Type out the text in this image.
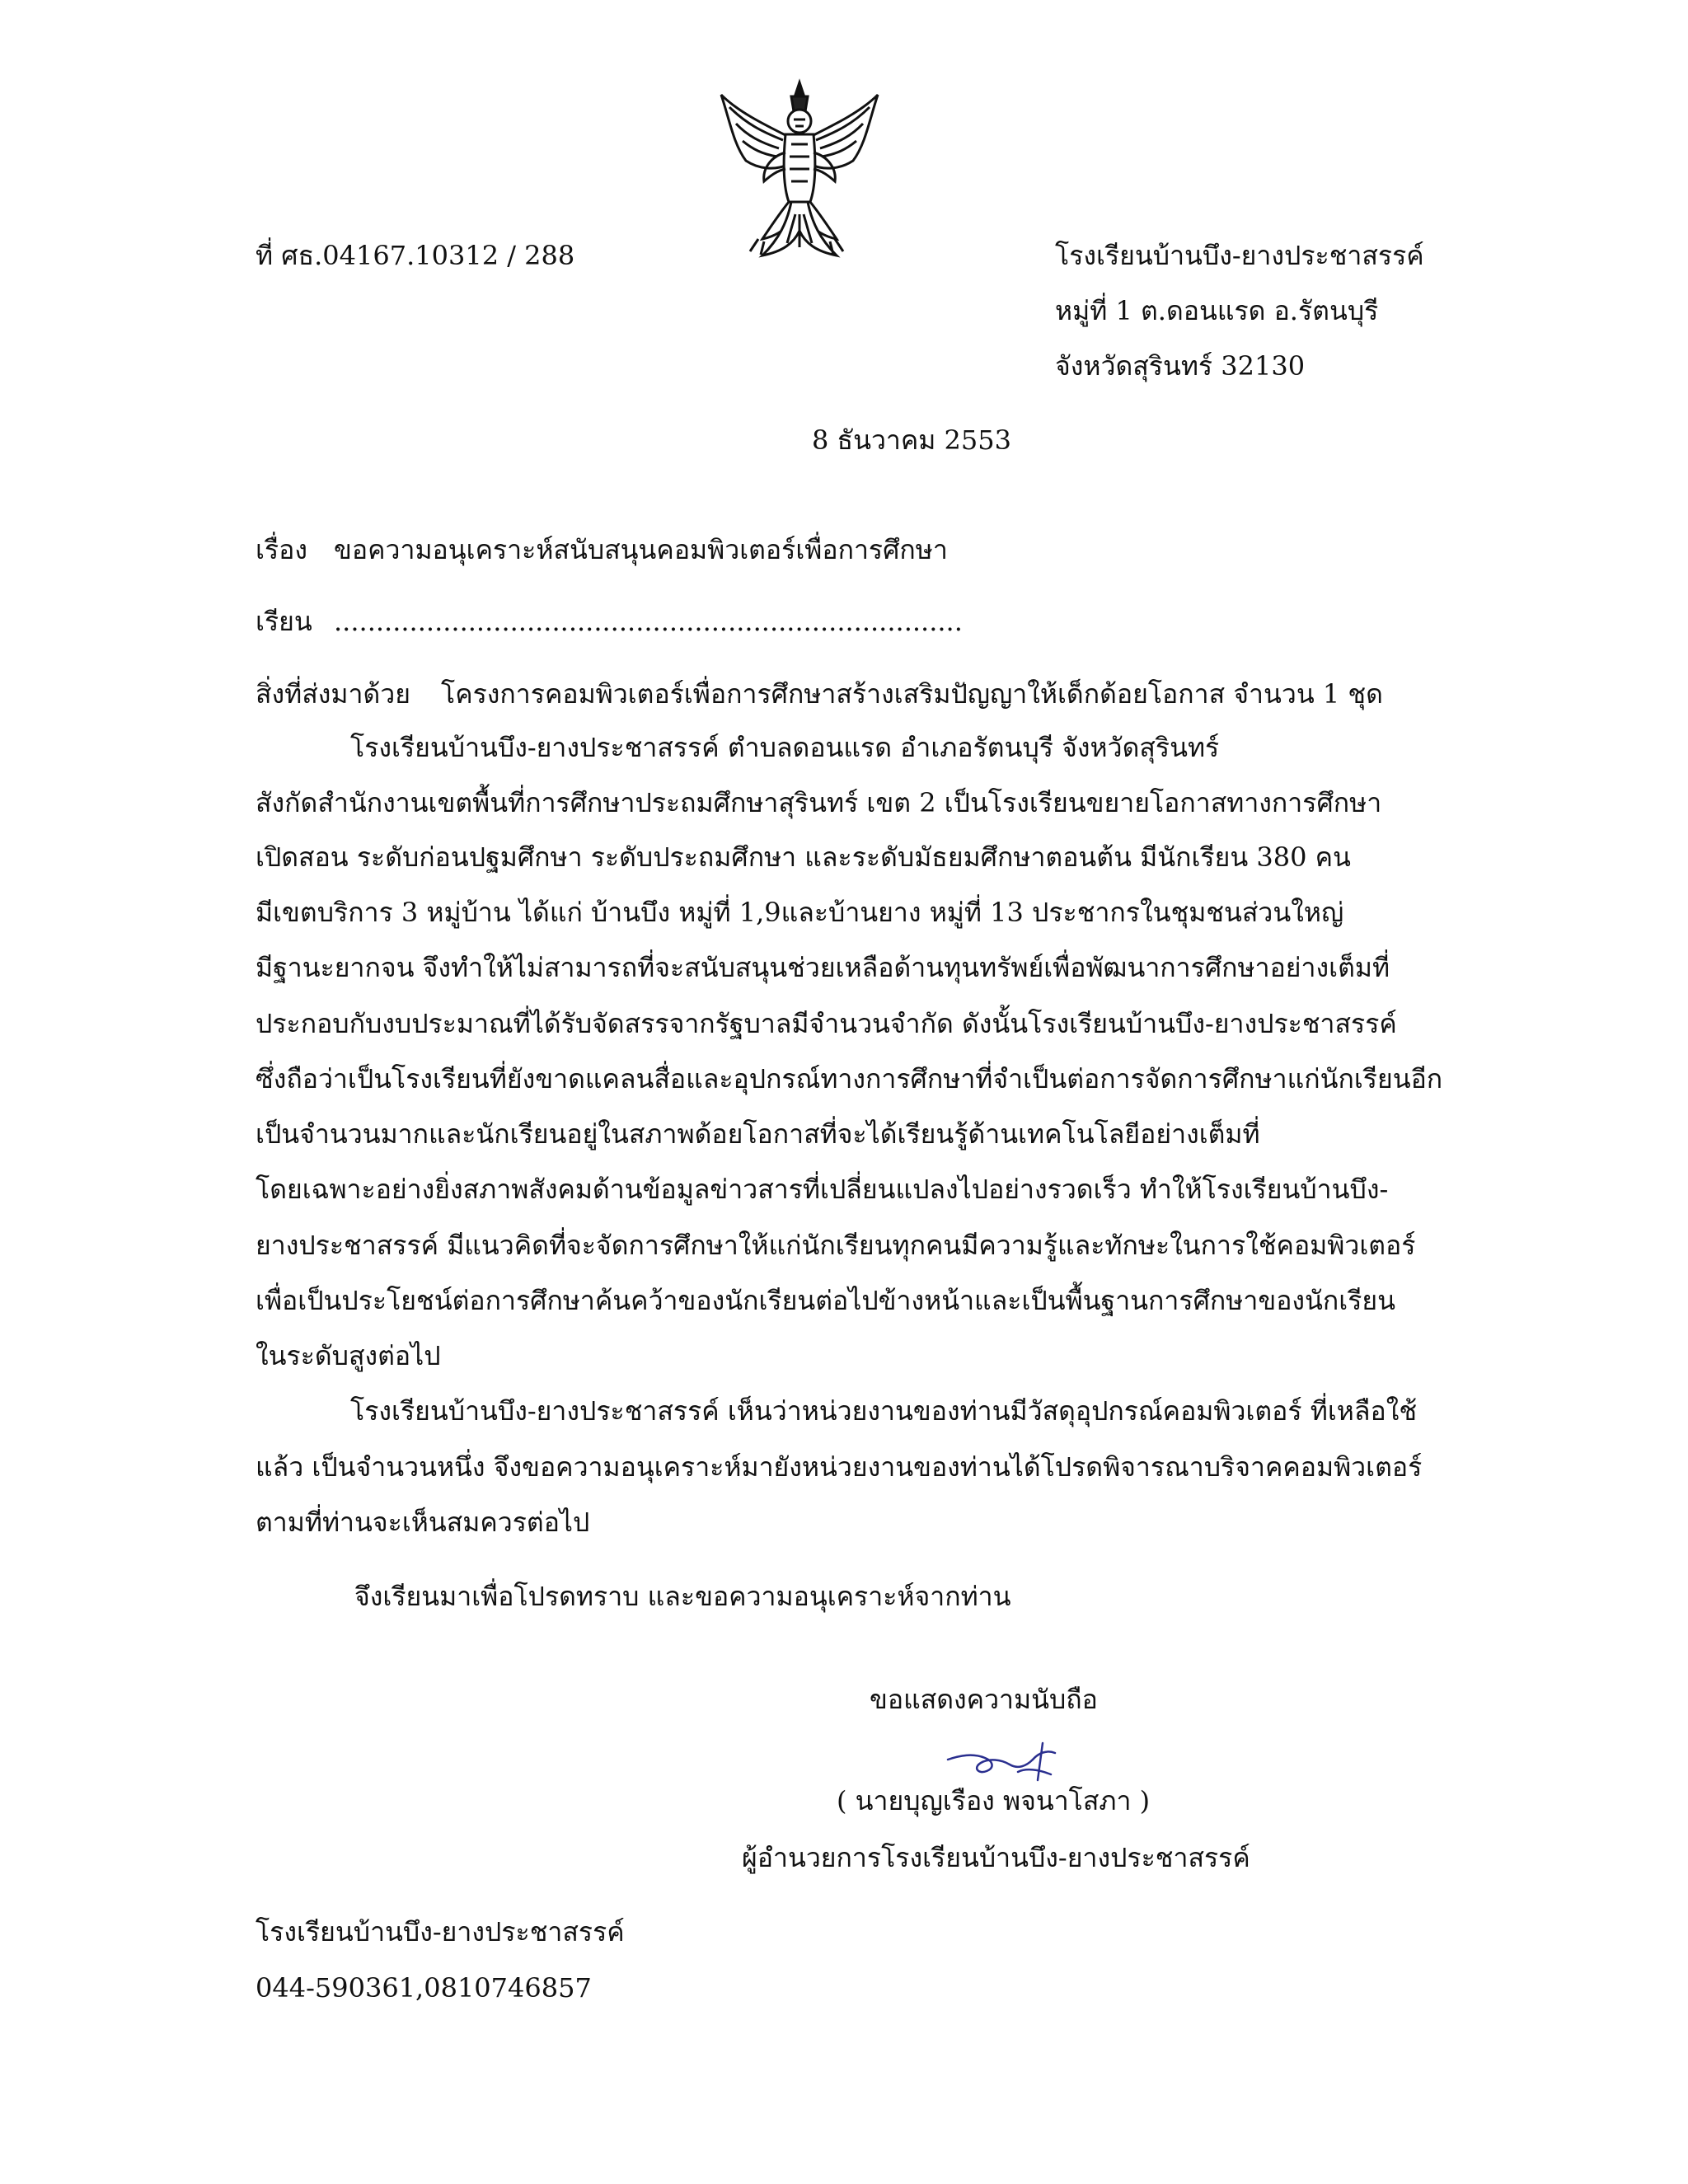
ที่ ศธ.04167.10312 / 288	โรงเรียนบ้านบึง-ยางประชาสรรค์
หมู่ที่ 1 ต.ดอนแรด อ.รัตนบุรี
จังหวัดสุรินทร์ 32130
8 ธันวาคม 2553
เรื่อง ขอความอนุเคราะห์สนับสนุนคอมพิวเตอร์เพื่อการศึกษา
เรียน ...........................................................................
สิ่งที่ส่งมาด้วย โครงการคอมพิวเตอร์เพื่อการศึกษาสร้างเสริมปัญญาให้เด็กด้อยโอกาส จำนวน 1 ชุด
โรงเรียนบ้านบึง-ยางประชาสรรค์ ตำบลดอนแรด อำเภอรัตนบุรี จังหวัดสุรินทร์
สังกัดสำนักงานเขตพื้นที่การศึกษาประถมศึกษาสุรินทร์ เขต 2 เป็นโรงเรียนขยายโอกาสทางการศึกษา
เปิดสอน ระดับก่อนปฐมศึกษา ระดับประถมศึกษา และระดับมัธยมศึกษาตอนต้น มีนักเรียน 380 คน
มีเขตบริการ 3 หมู่บ้าน ได้แก่ บ้านบึง หมู่ที่ 1,9และบ้านยาง หมู่ที่ 13 ประชากรในชุมชนส่วนใหญ่
มีฐานะยากจน จึงทำให้ไม่สามารถที่จะสนับสนุนช่วยเหลือด้านทุนทรัพย์เพื่อพัฒนาการศึกษาอย่างเต็มที่
ประกอบกับงบประมาณที่ได้รับจัดสรรจากรัฐบาลมีจำนวนจำกัด ดังนั้นโรงเรียนบ้านบึง-ยางประชาสรรค์
ซึ่งถือว่าเป็นโรงเรียนที่ยังขาดแคลนสื่อและอุปกรณ์ทางการศึกษาที่จำเป็นต่อการจัดการศึกษาแก่นักเรียนอีก
เป็นจำนวนมากและนักเรียนอยู่ในสภาพด้อยโอกาสที่จะได้เรียนรู้ด้านเทคโนโลยีอย่างเต็มที่
โดยเฉพาะอย่างยิ่งสภาพสังคมด้านข้อมูลข่าวสารที่เปลี่ยนแปลงไปอย่างรวดเร็ว ทำให้โรงเรียนบ้านบึง-
ยางประชาสรรค์ มีแนวคิดที่จะจัดการศึกษาให้แก่นักเรียนทุกคนมีความรู้และทักษะในการใช้คอมพิวเตอร์
เพื่อเป็นประโยชน์ต่อการศึกษาค้นคว้าของนักเรียนต่อไปข้างหน้าและเป็นพื้นฐานการศึกษาของนักเรียน
ในระดับสูงต่อไป
โรงเรียนบ้านบึง-ยางประชาสรรค์ เห็นว่าหน่วยงานของท่านมีวัสดุอุปกรณ์คอมพิวเตอร์ ที่เหลือใช้
แล้ว เป็นจำนวนหนึ่ง จึงขอความอนุเคราะห์มายังหน่วยงานของท่านได้โปรดพิจารณาบริจาคคอมพิวเตอร์
ตามที่ท่านจะเห็นสมควรต่อไป
จึงเรียนมาเพื่อโปรดทราบ และขอความอนุเคราะห์จากท่าน
ขอแสดงความนับถือ
( นายบุญเรือง พจนาโสภา )
ผู้อำนวยการโรงเรียนบ้านบึง-ยางประชาสรรค์
โรงเรียนบ้านบึง-ยางประชาสรรค์
044-590361,0810746857
